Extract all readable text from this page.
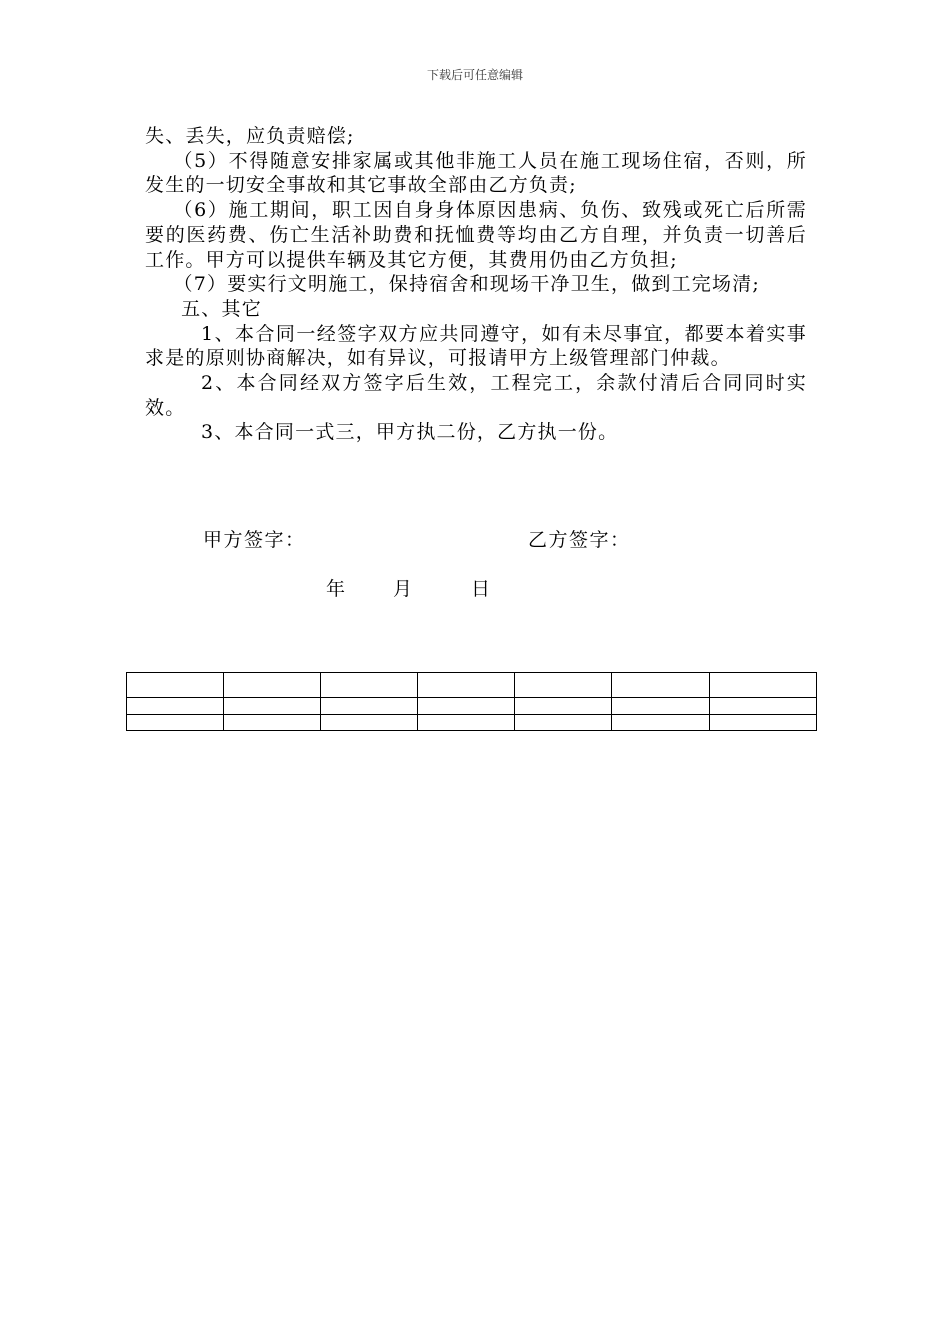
下载后可任意编辑

失、丢失，应负责赔偿;

（5）不得随意安排家属或其他非施工人员在施工现场住宿，否则，所发生的一切安全事故和其它事故全部由乙方负责;

（6）施工期间，职工因自身身体原因患病、负伤、致残或死亡后所需要的医药费、伤亡生活补助费和抚恤费等均由乙方自理，并负责一切善后工作。甲方可以提供车辆及其它方便，其费用仍由乙方负担;

（7）要实行文明施工，保持宿舍和现场干净卫生，做到工完场清;

五、其它

1、本合同一经签字双方应共同遵守，如有未尽事宜，都要本着实事求是的原则协商解决，如有异议，可报请甲方上级管理部门仲裁。

2、本合同经双方签字后生效，工程完工，余款付清后合同同时实效。

3、本合同一式三，甲方执二份，乙方执一份。

甲方签字：	乙方签字：
年	月	日
